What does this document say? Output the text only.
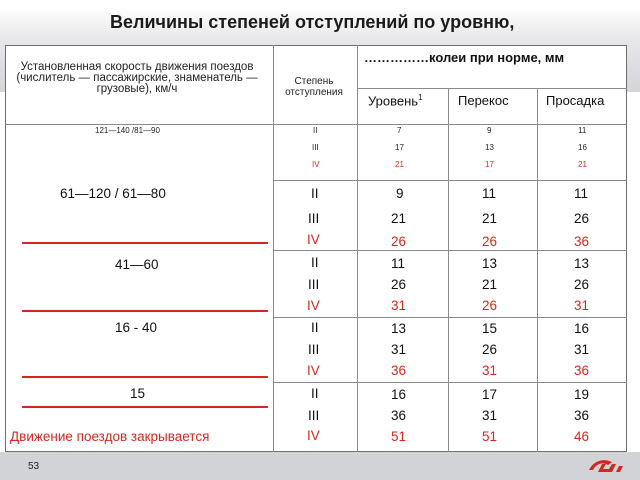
Величины степеней отступлений по уровню,
Установленная скорость движения поездов (числитель — пассажирские, знаменатель — грузовые), км/ч
Степень отступления
……………колеи при норме, мм
Уровень$^1$	Перекос	Просадка
121—140 /81—90	II	7	9	11
III	17	13	16
IV	21	17	21
61—120 / 61—80	II	9	11	11
III	21	21	26
IV	26	26	36
41—60	II	11	13	13
III	26	21	26
IV	31	26	31
16 - 40	II	13	15	16
III	31	26	31
IV	36	31	36
15	II	16	17	19
III	36	31	36
IV	51	51	46
Движение поездов закрывается
53
